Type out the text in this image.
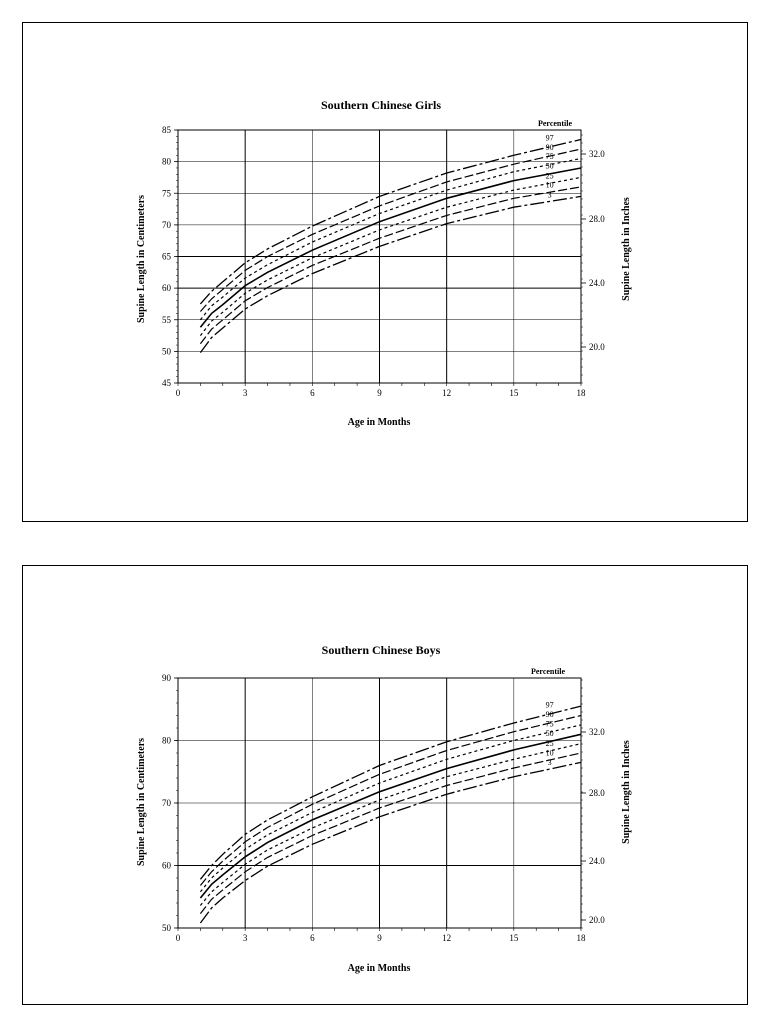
0	3	6	9	12	15	18
45
50
55
60
65
70
75
80
85
20.0
24.0
28.0
32.0
97
90
75
50
25
10
3
Southern Chinese Girls
Percentile
Age in Months
Supine Length in Centimeters	Supine Length in Inches
0	3	6	9	12	15	18
50
60
70
80
90
20.0
24.0
28.0
32.0
97
90
75
50
25
10
3
Southern Chinese Boys
Percentile
Age in Months
Supine Length in Centimeters	Supine Length in Inches
